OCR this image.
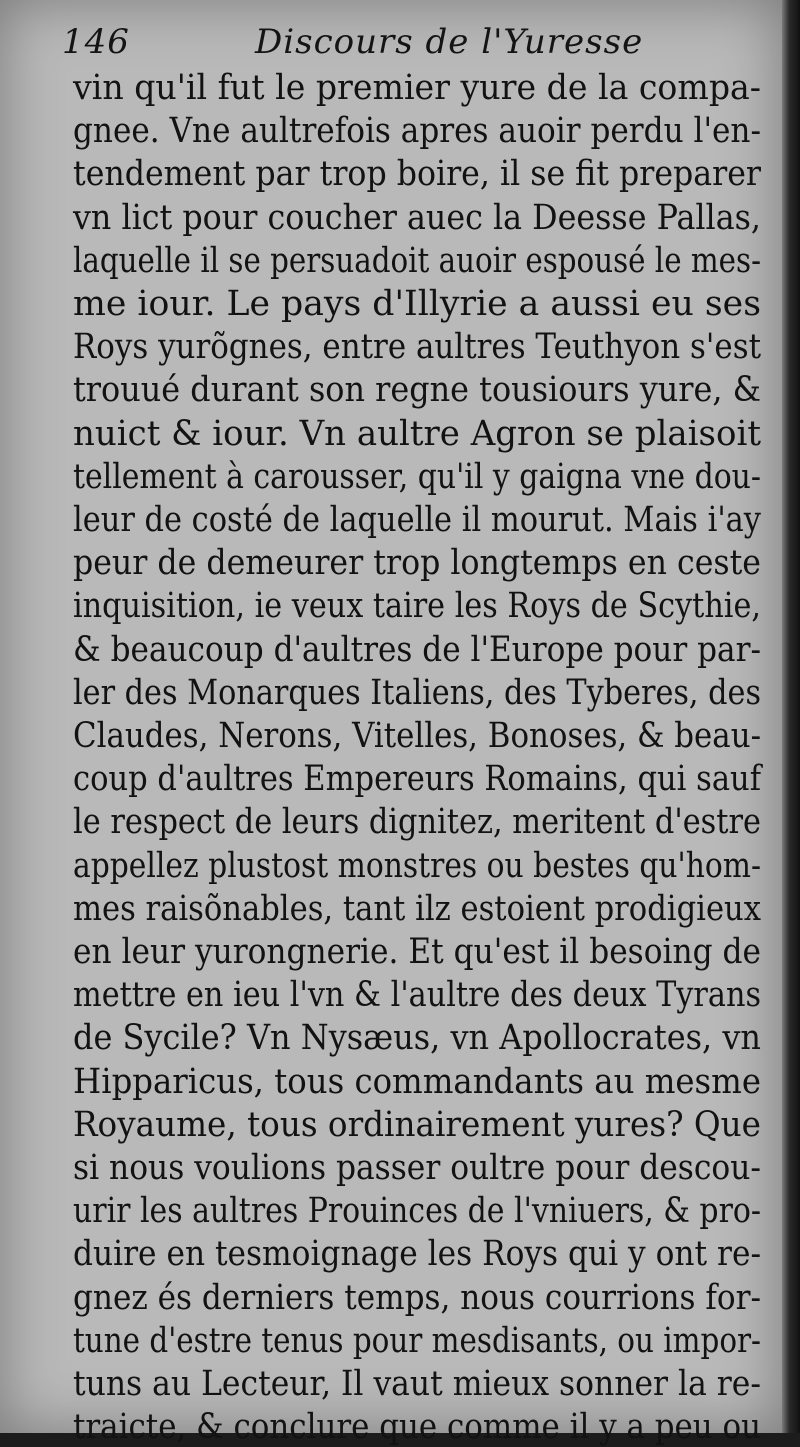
146	Discours de l'Yuresse
vin qu'il fut le premier yure de la compa-
gnee. Vne aultrefois apres auoir perdu l'en-
tendement par trop boire, il se fit preparer
vn lict pour coucher auec la Deesse Pallas,
laquelle il se persuadoit auoir espousé le mes-
me iour. Le pays d'Illyrie a aussi eu ses
Roys yurõgnes, entre aultres Teuthyon s'est
trouué durant son regne tousiours yure, &
nuict & iour. Vn aultre Agron se plaisoit
tellement à carousser, qu'il y gaigna vne dou-
leur de costé de laquelle il mourut. Mais i'ay
peur de demeurer trop longtemps en ceste
inquisition, ie veux taire les Roys de Scythie,
& beaucoup d'aultres de l'Europe pour par-
ler des Monarques Italiens, des Tyberes, des
Claudes, Nerons, Vitelles, Bonoses, & beau-
coup d'aultres Empereurs Romains, qui sauf
le respect de leurs dignitez, meritent d'estre
appellez plustost monstres ou bestes qu'hom-
mes raisõnables, tant ilz estoient prodigieux
en leur yurongnerie. Et qu'est il besoing de
mettre en ieu l'vn & l'aultre des deux Tyrans
de Sycile? Vn Nysæus, vn Apollocrates, vn
Hipparicus, tous commandants au mesme
Royaume, tous ordinairement yures? Que
si nous voulions passer oultre pour descou-
urir les aultres Prouinces de l'vniuers, & pro-
duire en tesmoignage les Roys qui y ont re-
gnez és derniers temps, nous courrions for-
tune d'estre tenus pour mesdisants, ou impor-
tuns au Lecteur, Il vaut mieux sonner la re-
traicte, & conclure que comme il y a peu ou
